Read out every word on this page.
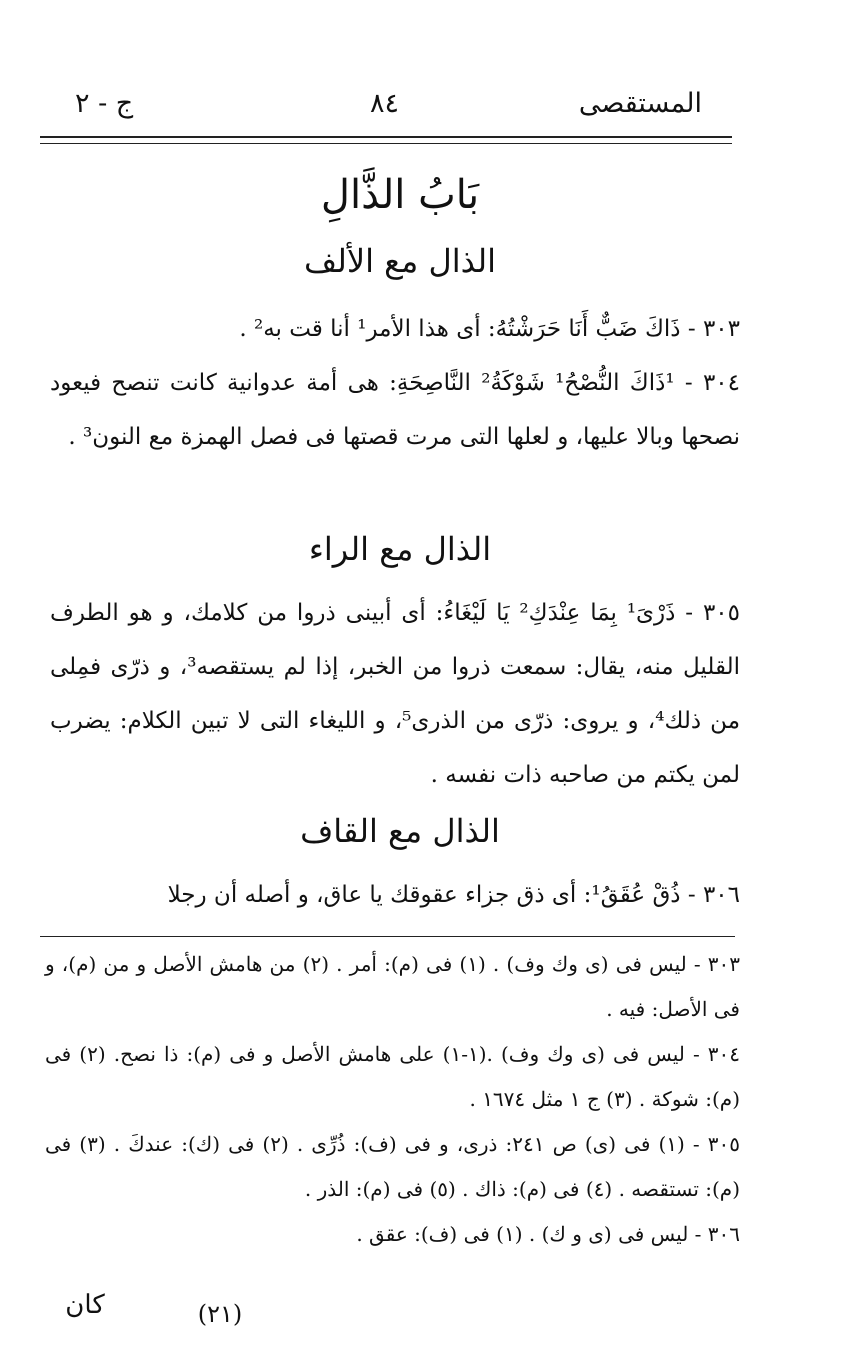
المستقصى
٨٤
ج - ٢
بَابُ الذَّالِ
الذال مع الألف

٣٠٣ - ذَاكَ ضَبٌّ أَنَا حَرَشْتُهُ: أى هذا الأمر¹ أنا قت به² .

٣٠٤ - ¹ذَاكَ النُّصْحُ¹ شَوْكَةُ² النَّاصِحَةِ: هى أمة عدوانية كانت تنصح فيعود نصحها وبالا عليها، و لعلها التى مرت قصتها فى فصل الهمزة مع النون³ .

الذال مع الراء

٣٠٥ - ذَرْىَ¹ بِمَا عِنْدَكِ² يَا لَيْغَاءُ: أى أبينى ذروا من كلامك، و هو الطرف القليل منه، يقال: سمعت ذروا من الخبر، إذا لم يستقصه³، و ذرّى فمِلى من ذلك⁴، و يروى: ذرّى من الذرى⁵، و الليغاء التى لا تبين الكلام: يضرب لمن يكتم من صاحبه ذات نفسه .

الذال مع القاف

٣٠٦ - ذُقْ عُقَقُ¹: أى ذق جزاء عقوقك يا عاق، و أصله أن رجلا

٣٠٣ - ليس فى (ى وك وف) . (١) فى (م): أمر . (٢) من هامش الأصل و من (م)، و فى الأصل: فيه .

٣٠٤ - ليس فى (ى وك وف) .(١-١) على هامش الأصل و فى (م): ذا نصح. (٢) فى (م): شوكة . (٣) ج ١ مثل ١٦٧٤ .

٣٠٥ - (١) فى (ى) ص ٢٤١: ذرى، و فى (ف): ذُرِّى . (٢) فى (ك): عندكَ . (٣) فى (م): تستقصه . (٤) فى (م): ذاك . (٥) فى (م): الذر .

٣٠٦ - ليس فى (ى و ك) . (١) فى (ف): عقق .

(٢١)
كان
